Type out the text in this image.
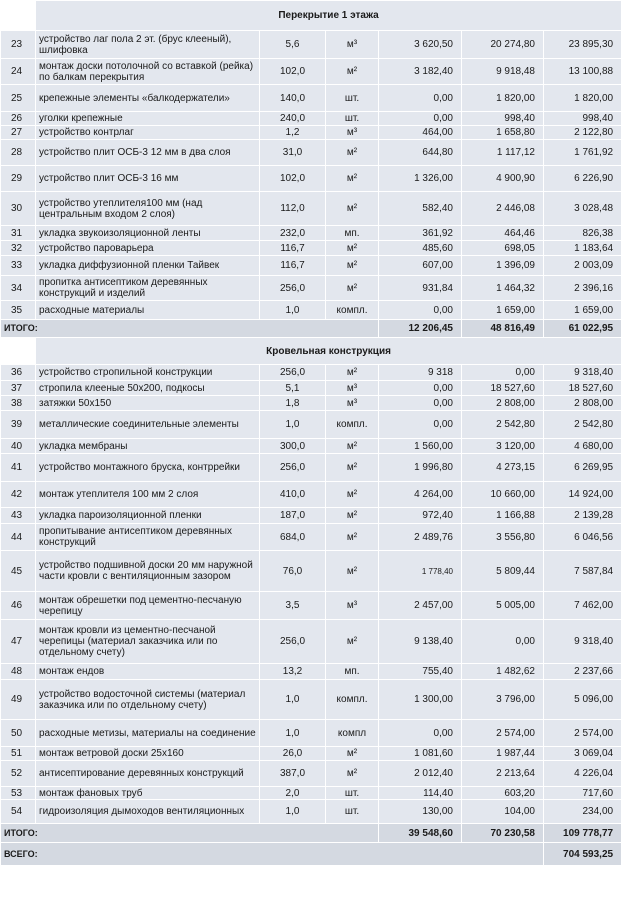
	Перекрытие 1 этажа					
23	устройство лаг пола 2 эт. (брус клееный), шлифовка	5,6	м³	3 620,50	20 274,80	23 895,30
24	монтаж доски потолочной со вставкой (рейка) по балкам перекрытия	102,0	м²	3 182,40	9 918,48	13 100,88
25	крепежные элементы «балкодержатели»	140,0	шт.	0,00	1 820,00	1 820,00
26	уголки крепежные	240,0	шт.	0,00	998,40	998,40
27	устройство контрлаг	1,2	м³	464,00	1 658,80	2 122,80
28	устройство плит ОСБ-3 12 мм в два слоя	31,0	м²	644,80	1 117,12	1 761,92
29	устройство плит ОСБ-3 16 мм	102,0	м²	1 326,00	4 900,90	6 226,90
30	устройство утеплителя100 мм (над центральным входом 2 слоя)	112,0	м²	582,40	2 446,08	3 028,48
31	укладка звукоизоляционной ленты	232,0	мп.	361,92	464,46	826,38
32	устройство пароварьера	116,7	м²	485,60	698,05	1 183,64
33	укладка диффузионной пленки Тайвек	116,7	м²	607,00	1 396,09	2 003,09
34	пропитка антисептиком деревянных конструкций и изделий	256,0	м²	931,84	1 464,32	2 396,16
35	расходные материалы	1,0	компл.	0,00	1 659,00	1 659,00
ИТОГО:				12 206,45	48 816,49	61 022,95
	Кровельная конструкция					
36	устройство стропильной конструкции	256,0	м²	9 318	0,00	9 318,40
37	стропила клееные 50х200, подкосы	5,1	м³	0,00	18 527,60	18 527,60
38	затяжки 50х150	1,8	м³	0,00	2 808,00	2 808,00
39	металлические соединительные элементы	1,0	компл.	0,00	2 542,80	2 542,80
40	укладка мембраны	300,0	м²	1 560,00	3 120,00	4 680,00
41	устройство монтажного бруска, контррейки	256,0	м²	1 996,80	4 273,15	6 269,95
42	монтаж утеплителя 100 мм 2 слоя	410,0	м²	4 264,00	10 660,00	14 924,00
43	укладка пароизоляционной пленки	187,0	м²	972,40	1 166,88	2 139,28
44	пропитывание антисептиком деревянных конструкций	684,0	м²	2 489,76	3 556,80	6 046,56
45	устройство подшивной доски 20 мм наружной части кровли с вентиляционным зазором	76,0	м²	1 778,40	5 809,44	7 587,84
46	монтаж обрешетки под цементно-песчаную черепицу	3,5	м³	2 457,00	5 005,00	7 462,00
47	монтаж кровли из цементно-песчаной черепицы (материал заказчика или по отдельному счету)	256,0	м²	9 138,40	0,00	9 318,40
48	монтаж ендов	13,2	мп.	755,40	1 482,62	2 237,66
49	устройство водосточной системы (материал заказчика или по отдельному счету)	1,0	компл.	1 300,00	3 796,00	5 096,00
50	расходные метизы, материалы на соединение	1,0	компл	0,00	2 574,00	2 574,00
51	монтаж ветровой доски 25х160	26,0	м²	1 081,60	1 987,44	3 069,04
52	антисептирование деревянных конструкций	387,0	м²	2 012,40	2 213,64	4 226,04
53	монтаж фановых труб	2,0	шт.	114,40	603,20	717,60
54	гидроизоляция дымоходов вентиляционных	1,0	шт.	130,00	104,00	234,00
ИТОГО:				39 548,60	70 230,58	109 778,77
ВСЕГО:						704 593,25
